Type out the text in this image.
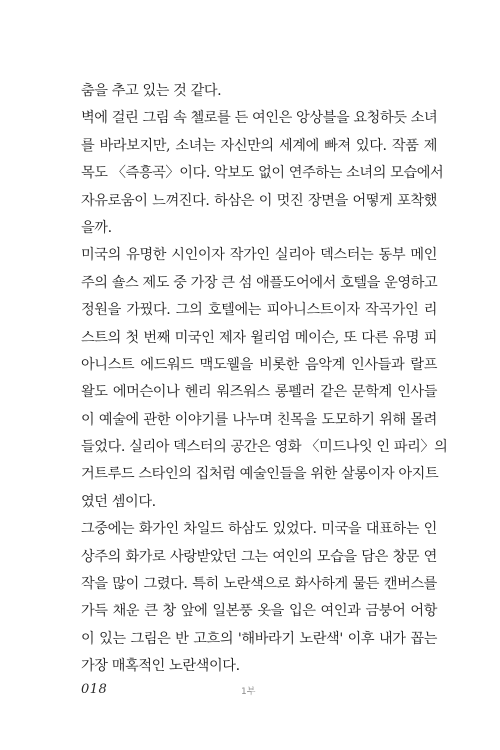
춤을 추고 있는 것 같다.
벽에 걸린 그림 속 첼로를 든 여인은 앙상블을 요청하듯 소녀
를 바라보지만, 소녀는 자신만의 세계에 빠져 있다. 작품 제
목도 〈즉흥곡〉이다. 악보도 없이 연주하는 소녀의 모습에서
자유로움이 느껴진다. 하삼은 이 멋진 장면을 어떻게 포착했
을까.
미국의 유명한 시인이자 작가인 실리아 덱스터는 동부 메인
주의 숄스 제도 중 가장 큰 섬 애플도어에서 호텔을 운영하고
정원을 가꿨다. 그의 호텔에는 피아니스트이자 작곡가인 리
스트의 첫 번째 미국인 제자 윌리엄 메이슨, 또 다른 유명 피
아니스트 에드워드 맥도웰을 비롯한 음악계 인사들과 랄프
왈도 에머슨이나 헨리 워즈워스 롱펠러 같은 문학계 인사들
이 예술에 관한 이야기를 나누며 친목을 도모하기 위해 몰려
들었다. 실리아 덱스터의 공간은 영화 〈미드나잇 인 파리〉의
거트루드 스타인의 집처럼 예술인들을 위한 살롱이자 아지트
였던 셈이다.
그중에는 화가인 차일드 하삼도 있었다. 미국을 대표하는 인
상주의 화가로 사랑받았던 그는 여인의 모습을 담은 창문 연
작을 많이 그렸다. 특히 노란색으로 화사하게 물든 캔버스를
가득 채운 큰 창 앞에 일본풍 옷을 입은 여인과 금붕어 어항
이 있는 그림은 반 고흐의 '해바라기 노란색' 이후 내가 꼽는
가장 매혹적인 노란색이다.
018	1부
